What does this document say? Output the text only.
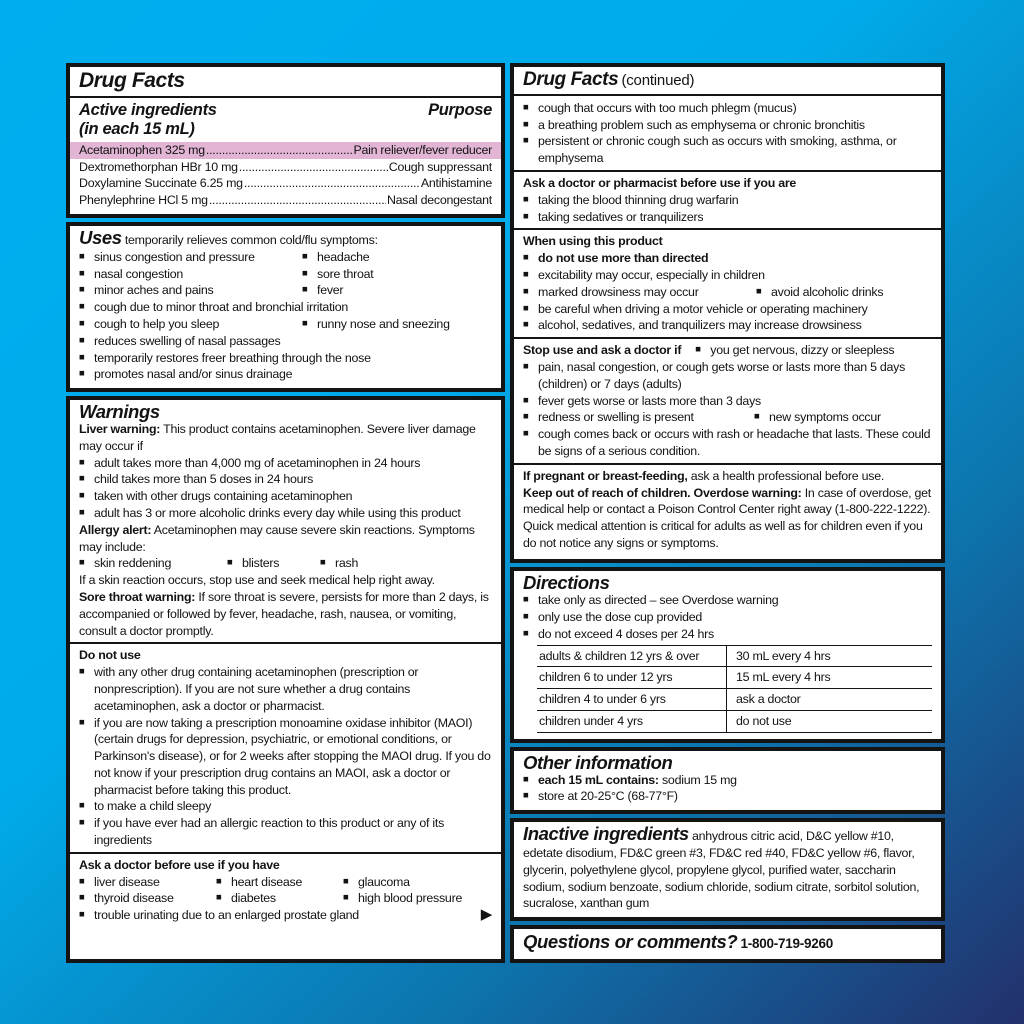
Drug Facts
Active ingredients	Purpose
(in each 15 mL)
Acetaminophen 325 mg .....	Pain reliever/fever reducer
Dextromethorphan HBr 10 mg .....	Cough suppressant
Doxylamine Succinate 6.25 mg .....	Antihistamine
Phenylephrine HCl 5 mg .....	Nasal decongestant

Uses temporarily relieves common cold/flu symptoms:

■ sinus congestion and pressure	■ headache
■ nasal congestion	■ sore throat
■ minor aches and pains	■ fever
■ cough due to minor throat and bronchial irritation
■ cough to help you sleep	■ runny nose and sneezing
■ reduces swelling of nasal passages
■ temporarily restores freer breathing through the nose
■ promotes nasal and/or sinus drainage
Warnings

Liver warning: This product contains acetaminophen. Severe liver damage may occur if

■ adult takes more than 4,000 mg of acetaminophen in 24 hours
■ child takes more than 5 doses in 24 hours
■ taken with other drugs containing acetaminophen
■ adult has 3 or more alcoholic drinks every day while using this product

Allergy alert: Acetaminophen may cause severe skin reactions. Symptoms may include:

■ skin reddening	■ blisters	■ rash

If a skin reaction occurs, stop use and seek medical help right away.

Sore throat warning: If sore throat is severe, persists for more than 2 days, is accompanied or followed by fever, headache, rash, nausea, or vomiting, consult a doctor promptly.

Do not use
■ with any other drug containing acetaminophen (prescription or nonprescription). If you are not sure whether a drug contains acetaminophen, ask a doctor or pharmacist.
■ if you are now taking a prescription monoamine oxidase inhibitor (MAOI) (certain drugs for depression, psychiatric, or emotional conditions, or Parkinson's disease), or for 2 weeks after stopping the MAOI drug. If you do not know if your prescription drug contains an MAOI, ask a doctor or pharmacist before taking this product.
■ to make a child sleepy
■ if you have ever had an allergic reaction to this product or any of its ingredients
Ask a doctor before use if you have
■ liver disease	■ heart disease	■ glaucoma
■ thyroid disease	■ diabetes	■ high blood pressure
■ trouble urinating due to an enlarged prostate gland	▶
Drug Facts (continued)
■ cough that occurs with too much phlegm (mucus)
■ a breathing problem such as emphysema or chronic bronchitis
■ persistent or chronic cough such as occurs with smoking, asthma, or emphysema
Ask a doctor or pharmacist before use if you are
■ taking the blood thinning drug warfarin
■ taking sedatives or tranquilizers
When using this product
■ do not use more than directed
■ excitability may occur, especially in children
■ marked drowsiness may occur	■ avoid alcoholic drinks
■ be careful when driving a motor vehicle or operating machinery
■ alcohol, sedatives, and tranquilizers may increase drowsiness
Stop use and ask a doctor if	■ you get nervous, dizzy or sleepless
■ pain, nasal congestion, or cough gets worse or lasts more than 5 days (children) or 7 days (adults)
■ fever gets worse or lasts more than 3 days
■ redness or swelling is present	■ new symptoms occur
■ cough comes back or occurs with rash or headache that lasts. These could be signs of a serious condition.

If pregnant or breast-feeding, ask a health professional before use.

Keep out of reach of children. Overdose warning: In case of overdose, get medical help or contact a Poison Control Center right away (1-800-222-1222). Quick medical attention is critical for adults as well as for children even if you do not notice any signs or symptoms.

Directions
■ take only as directed – see Overdose warning
■ only use the dose cup provided
■ do not exceed 4 doses per 24 hrs
adults & children 12 yrs & over	30 mL every 4 hrs
children 6 to under 12 yrs	15 mL every 4 hrs
children 4 to under 6 yrs	ask a doctor
children under 4 yrs	do not use
Other information
■ each 15 mL contains: sodium 15 mg
■ store at 20-25°C (68-77°F)

Inactive ingredients anhydrous citric acid, D&C yellow #10, edetate disodium, FD&C green #3, FD&C red #40, FD&C yellow #6, flavor, glycerin, polyethylene glycol, propylene glycol, purified water, saccharin sodium, sodium benzoate, sodium chloride, sodium citrate, sorbitol solution, sucralose, xanthan gum

Questions or comments? 1-800-719-9260
